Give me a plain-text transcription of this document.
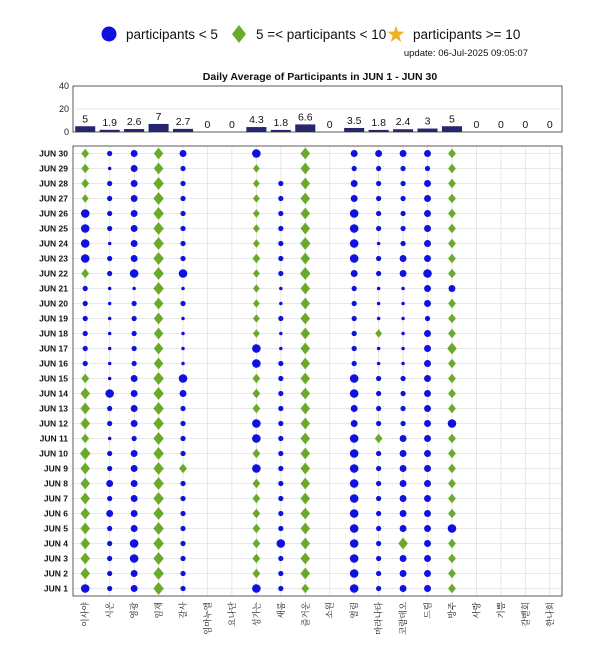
participants < 5	5 =< participants < 10 participants >= 10
update: 06-Jul-2025 09:05:07
Daily Average of Participants in JUN 1 - JUN 30
0
20
40
5 1.9 2.6 7 2.7 0 0 4.3 1.8 6.6
0 3.5 1.8 2.4 3 5 0 0 0 0
JUN 30
JUN 29
JUN 28
JUN 27
JUN 26
JUN 25
JUN 24
JUN 23
JUN 22
JUN 21
JUN 20
JUN 19
JUN 18
JUN 17
JUN 16
JUN 15
JUN 14
JUN 13
JUN 12
JUN 11
JUN 10
JUN 9
JUN 8
JUN 7
JUN 6
JUN 5
JUN 4
JUN 3
JUN 2
JUN 1
이사야 시온 영광 임재 갈사 임마누엘 요나단 성가는 새롬 즐거운 소원 열림 마라나타 코람데오 드림 방주 사랑 기쁨 갈벧회 한나회
